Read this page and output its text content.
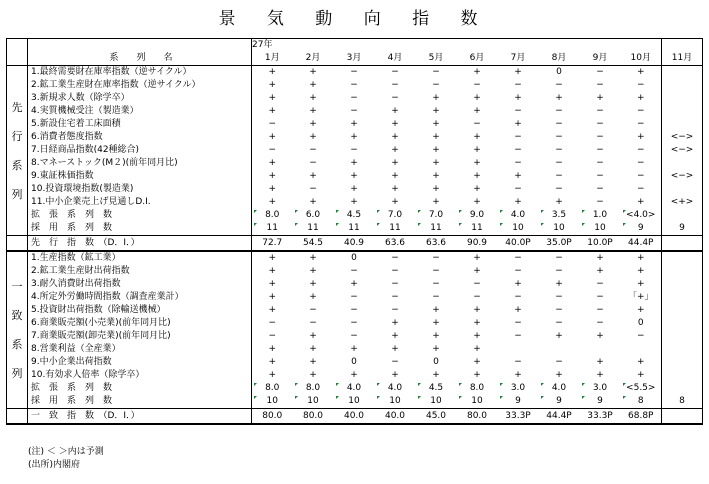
景 気 動 向 指 数
	系　　列　　名	27年										11月
		1月	2月	3月	4月	5月	6月	7月	8月	9月	10月	

先
行
系
列	1.最終需要財在庫率指数（逆サイクル）	+	+	−	−	−	+	+	0	−	+	
	2.鉱工業生産財在庫率指数（逆サイクル）	+	+	−	−	−	−	−	−	−	−	
	3.新規求人数（除学卒）	+	+	−	−	+	+	+	+	+	+	
	4.実質機械受注（製造業）	+	+	−	+	+	+	−	−	−	−	
	5.新設住宅着工床面積	−	+	+	+	+	−	+	−	−	−	
	6.消費者態度指数	+	+	+	+	+	+	−	−	−	+	<−>
	7.日経商品指数(42種総合)	−	−	−	+	+	+	−	−	−	−	<−>
	8.マネーストック(M２)(前年同月比)	+	−	+	+	+	+	−	−	−	−	
	9.東証株価指数	+	+	+	+	+	+	+	−	−	−	<−>
	10.投資環境指数(製造業)	+	−	+	+	+	+	−	−	−	−	
	11.中小企業売上げ見通しD.I.	+	+	+	+	+	+	+	+	−	+	<+>
	拡　張　系　列　数	8.0	6.0	4.5	7.0	7.0	9.0	4.0	3.5	1.0	<4.0>	
	採　用　系　列　数	11	11	11	11	11	11	10	10	10	9	9
	先　行　指　数　（D．I．）	72.7	54.5	40.9	63.6	63.6	90.9	40.0P	35.0P	10.0P	44.4P	

一
致
系
列	1.生産指数（鉱工業）	+	+	0	−	−	+	−	−	+	+	
	2.鉱工業生産財出荷指数	+	+	−	−	−	+	−	−	+	+	
	3.耐久消費財出荷指数	+	+	+	−	−	−	+	+	−	+	
	4.所定外労働時間指数（調査産業計）	+	+	−	−	−	−	−	−	−	「+」	
	5.投資財出荷指数（除輸送機械）	+	−	−	−	+	+	+	−	−	+	
	6.商業販売額(小売業)(前年同月比)	−	−	−	+	+	+	−	−	−	0	
	7.商業販売額(卸売業)(前年同月比)	−	+	−	+	+	+	−	+	+	−	
	8.営業利益（全産業）	+	+	+	+	+	+					
	9.中小企業出荷指数	+	+	0	−	0	+	−	−	+	+	
	10.有効求人倍率（除学卒）	+	+	+	+	+	+	+	+	+	+	
	拡　張　系　列　数	8.0	8.0	4.0	4.0	4.5	8.0	3.0	4.0	3.0	<5.5>	
	採　用　系　列　数	10	10	10	10	10	10	9	9	9	8	8
	一　致　指　数　（D．I．）	80.0	80.0	40.0	40.0	45.0	80.0	33.3P	44.4P	33.3P	68.8P	
(注) ＜ ＞内は予測
(出所)内閣府
